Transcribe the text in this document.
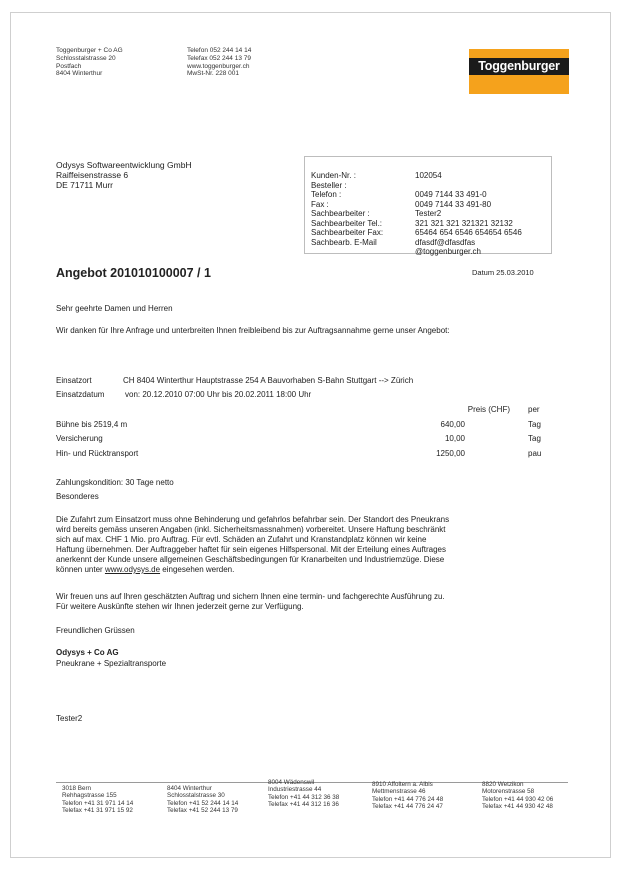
Toggenburger + Co AG
Schlosstalstrasse 20
Postfach
8404 Winterthur
Telefon 052 244 14 14
Telefax 052 244 13 79
www.toggenburger.ch
MwSt-Nr. 228 001
Toggenburger
Odysys Softwareentwicklung GmbH
Raiffeisenstrasse 6
DE 71711 Murr
Kunden-Nr. :	102054
Besteller :
Telefon :	0049 7144 33 491-0
Fax :	0049 7144 33 491-80
Sachbearbeiter :	Tester2
Sachbearbeiter Tel.:	321 321 321 321321 32132
Sachbearbeiter Fax:	65464 654 6546 654654 6546
Sachbearb. E-Mail	dfasdf@dfasdfas
@toggenburger.ch
Angebot 201010100007 / 1	Datum 25.03.2010
Sehr geehrte Damen und Herren
Wir danken für Ihre Anfrage und unterbreiten Ihnen freibleibend bis zur Auftragsannahme gerne unser Angebot:
Einsatzort	CH 8404 Winterthur Hauptstrasse 254 A Bauvorhaben S-Bahn Stuttgart --> Zürich
Einsatzdatum	von: 20.12.2010 07:00 Uhr bis 20.02.2011 18:00 Uhr
Preis (CHF) per
Bühne bis 2519,4 m	640,00	Tag
Versicherung	10,00	Tag
Hin- und Rücktransport	1250,00	pau
Zahlungskondition: 30 Tage netto
Besonderes
Die Zufahrt zum Einsatzort muss ohne Behinderung und gefahrlos befahrbar sein. Der Standort des Pneukrans
wird bereits gemäss unseren Angaben (inkl. Sicherheitsmassnahmen) vorbereitet. Unsere Haftung beschränkt
sich auf max. CHF 1 Mio. pro Auftrag. Für evtl. Schäden an Zufahrt und Kranstandplatz können wir keine
Haftung übernehmen. Der Auftraggeber haftet für sein eigenes Hilfspersonal. Mit der Erteilung eines Auftrages
anerkennt der Kunde unsere allgemeinen Geschäftsbedingungen für Kranarbeiten und Industriemzüge. Diese
können unter www.odysys.de eingesehen werden.
Wir freuen uns auf Ihren geschätzten Auftrag und sichern Ihnen eine termin- und fachgerechte Ausführung zu.
Für weitere Auskünfte stehen wir Ihnen jederzeit gerne zur Verfügung.
Freundlichen Grüssen
Odysys + Co AG
Pneukrane + Spezialtransporte
Tester2
3018 Bern
Rehhagstrasse 155
Telefon +41 31 971 14 14
Telefax +41 31 971 15 92
8404 Winterthur
Schlosstalstrasse 30
Telefon +41 52 244 14 14
Telefax +41 52 244 13 79
8004 Wädenswil
Industriestrasse 44
Telefon +41 44 312 36 38
Telefax +41 44 312 16 36
8910 Affoltern a. Albis
Mettmenstrasse 46
Telefon +41 44 776 24 48
Telefax +41 44 776 24 47
8820 Wetzikon
Motorenstrasse 58
Telefon +41 44 930 42 06
Telefax +41 44 930 42 48
